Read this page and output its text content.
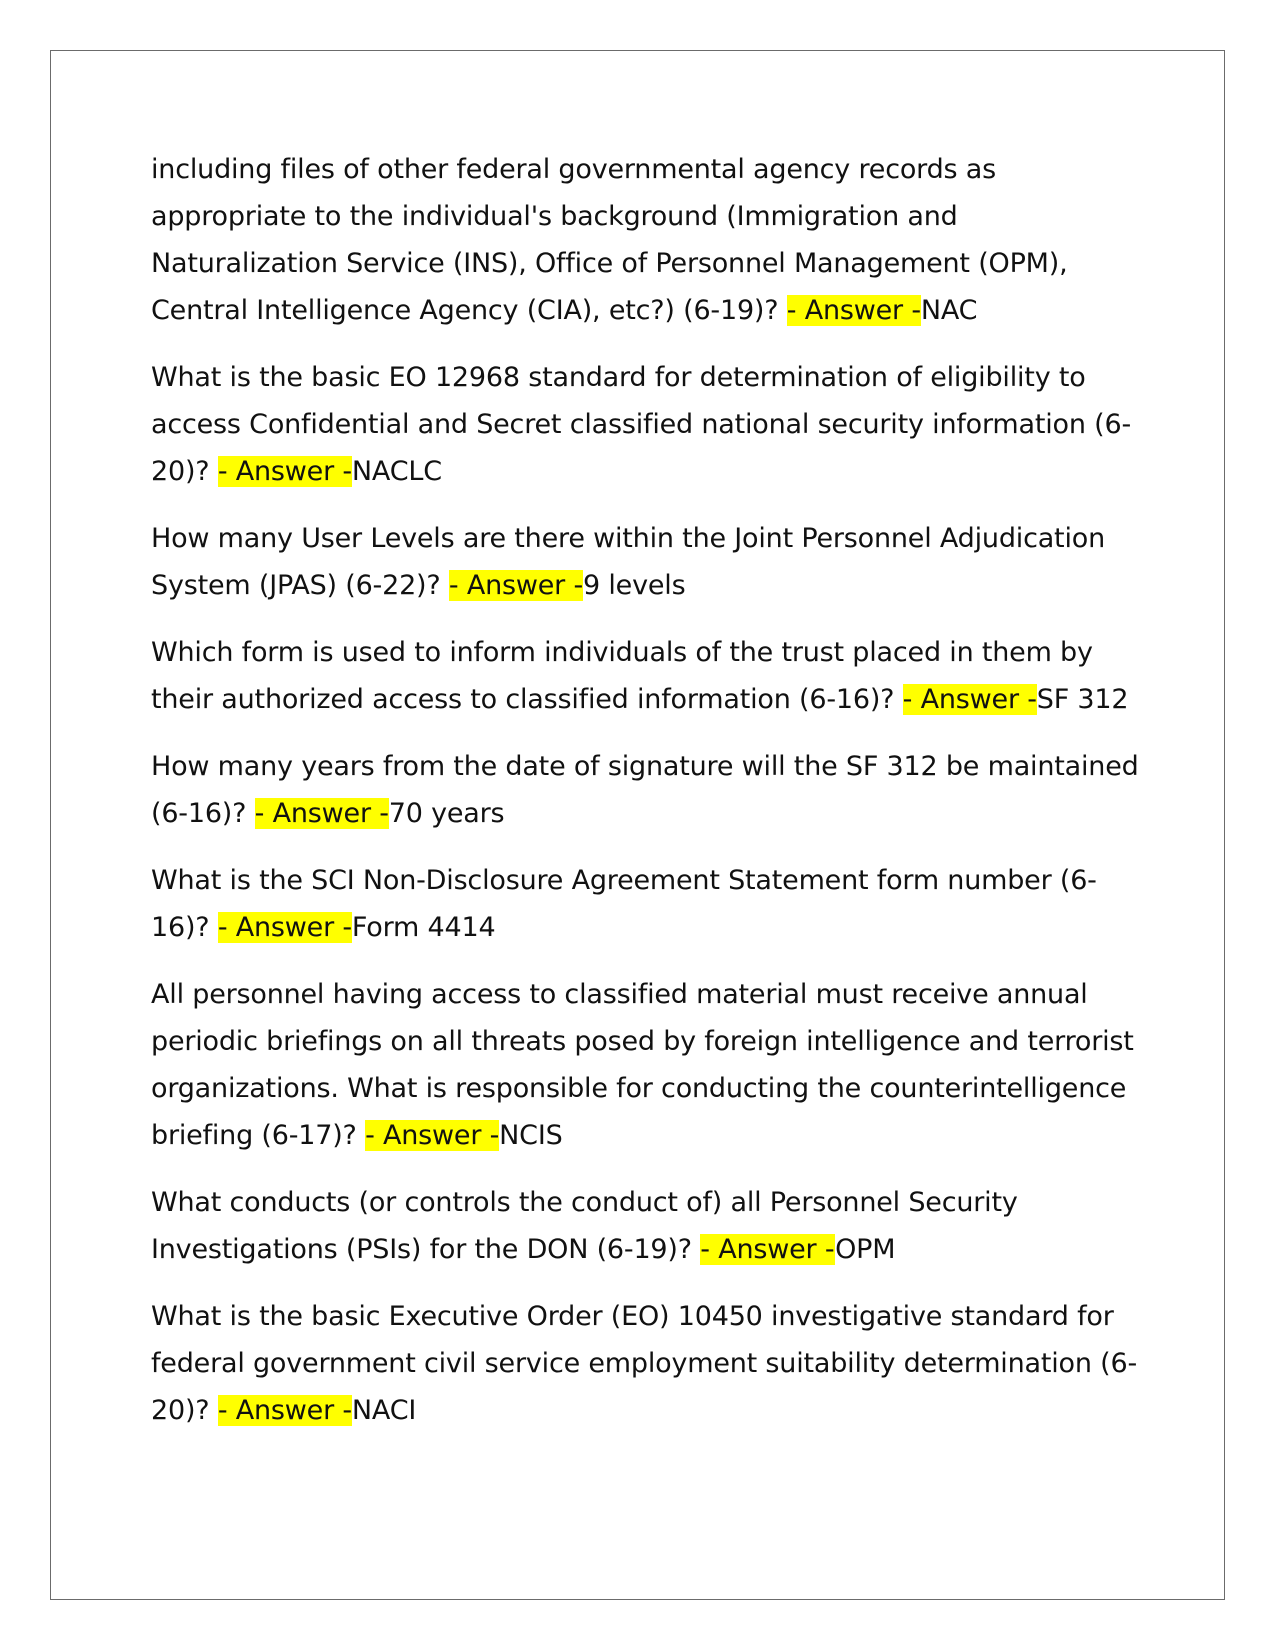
including files of other federal governmental agency records as appropriate to the individual's background (Immigration and Naturalization Service (INS), Office of Personnel Management (OPM), Central Intelligence Agency (CIA), etc?) (6-19)? - Answer -NAC

What is the basic EO 12968 standard for determination of eligibility to access Confidential and Secret classified national security information (6-20)? - Answer -NACLC

How many User Levels are there within the Joint Personnel Adjudication System (JPAS) (6-22)? - Answer -9 levels

Which form is used to inform individuals of the trust placed in them by their authorized access to classified information (6-16)? - Answer -SF 312

How many years from the date of signature will the SF 312 be maintained (6-16)? - Answer -70 years

What is the SCI Non-Disclosure Agreement Statement form number (6-16)? - Answer -Form 4414

All personnel having access to classified material must receive annual periodic briefings on all threats posed by foreign intelligence and terrorist organizations. What is responsible for conducting the counterintelligence briefing (6-17)? - Answer -NCIS

What conducts (or controls the conduct of) all Personnel Security Investigations (PSIs) for the DON (6-19)? - Answer -OPM

What is the basic Executive Order (EO) 10450 investigative standard for federal government civil service employment suitability determination (6-20)? - Answer -NACI
